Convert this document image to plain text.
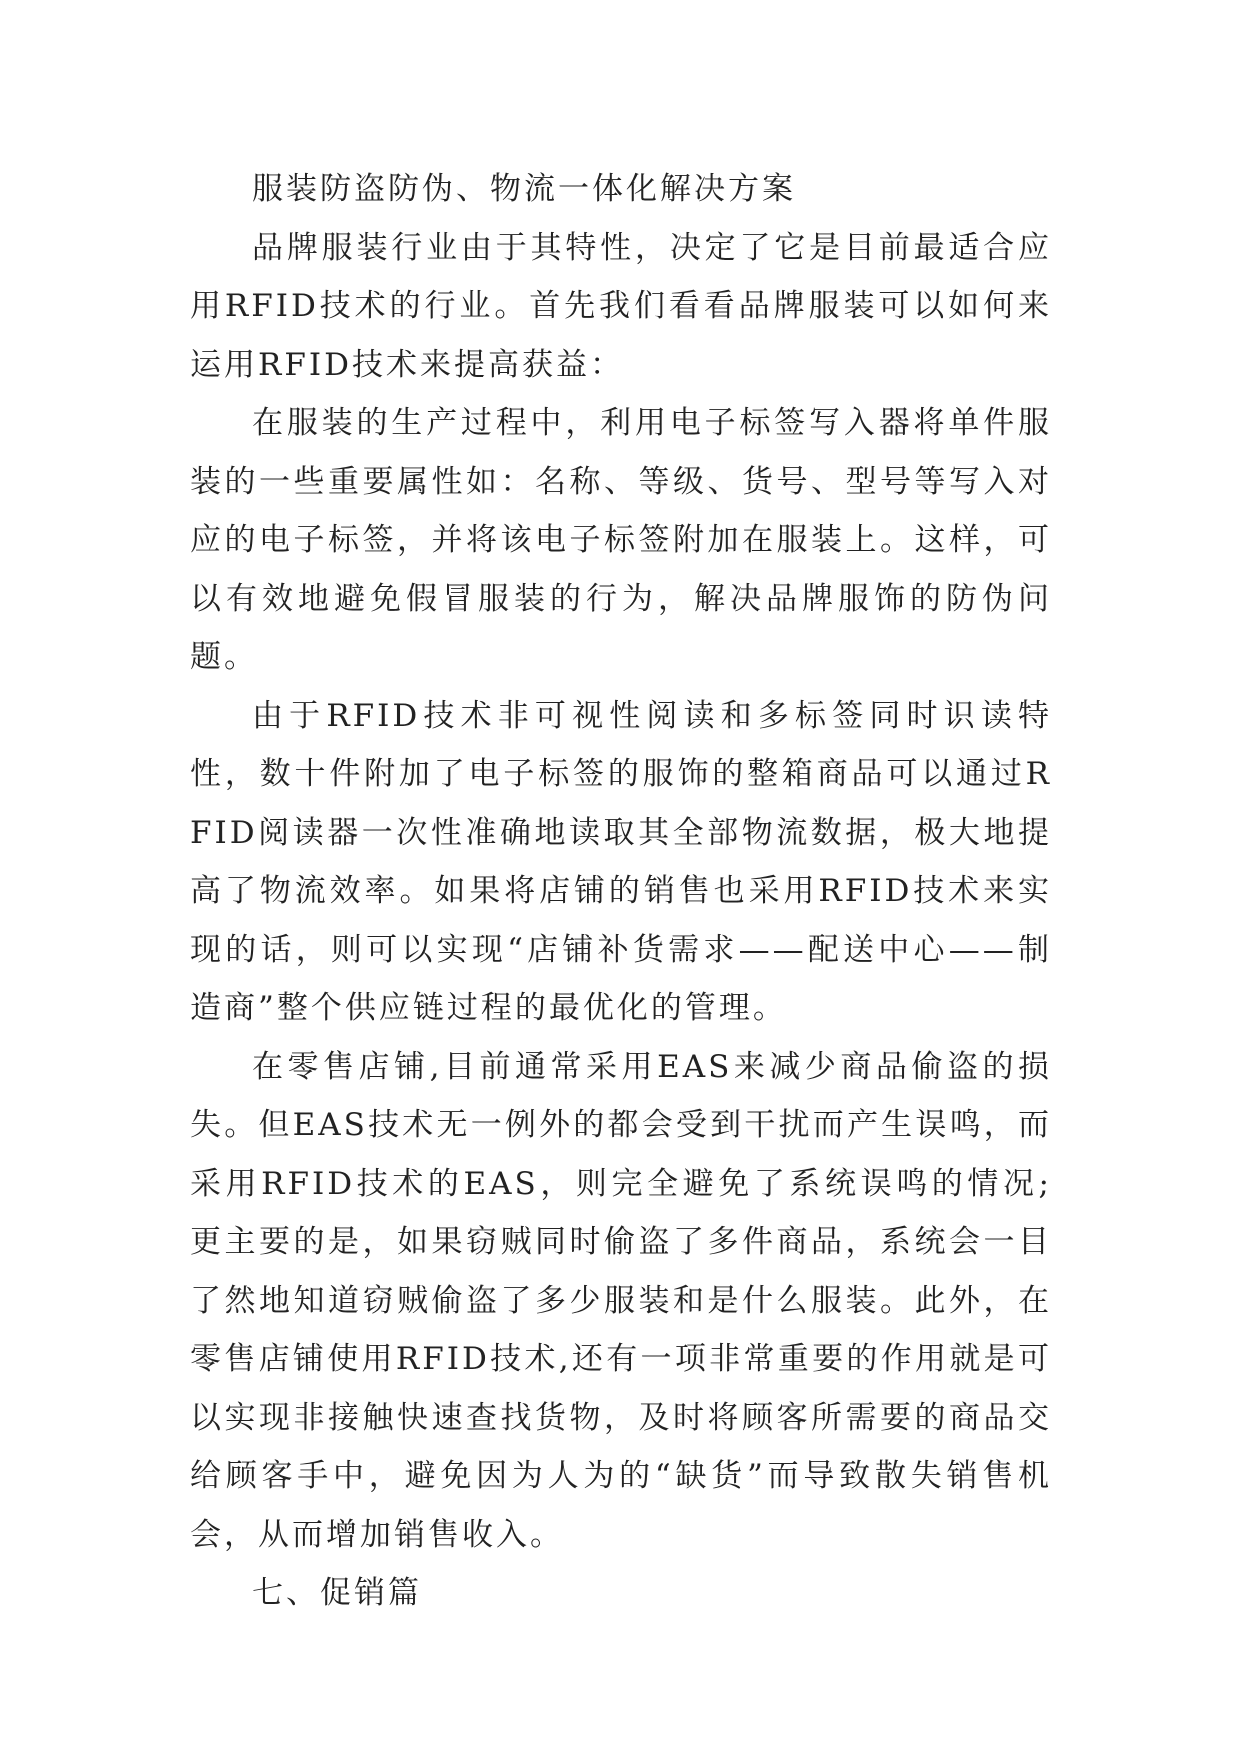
服装防盗防伪、物流一体化解决方案

品牌服装行业由于其特性，决定了它是目前最适合应用RFID技术的行业。首先我们看看品牌服装可以如何来运用RFID技术来提高获益：

在服装的生产过程中，利用电子标签写入器将单件服装的一些重要属性如：名称、等级、货号、型号等写入对应的电子标签，并将该电子标签附加在服装上。这样，可以有效地避免假冒服装的行为，解决品牌服饰的防伪问题。

由于RFID技术非可视性阅读和多标签同时识读特性，数十件附加了电子标签的服饰的整箱商品可以通过RFID阅读器一次性准确地读取其全部物流数据，极大地提高了物流效率。如果将店铺的销售也采用RFID技术来实现的话，则可以实现“店铺补货需求——配送中心——制造商”整个供应链过程的最优化的管理。

在零售店铺,目前通常采用EAS来减少商品偷盗的损失。但EAS技术无一例外的都会受到干扰而产生误鸣，而采用RFID技术的EAS，则完全避免了系统误鸣的情况;更主要的是，如果窃贼同时偷盗了多件商品，系统会一目了然地知道窃贼偷盗了多少服装和是什么服装。此外，在零售店铺使用RFID技术,还有一项非常重要的作用就是可以实现非接触快速查找货物，及时将顾客所需要的商品交给顾客手中，避免因为人为的“缺货”而导致散失销售机会，从而增加销售收入。

七、促销篇
